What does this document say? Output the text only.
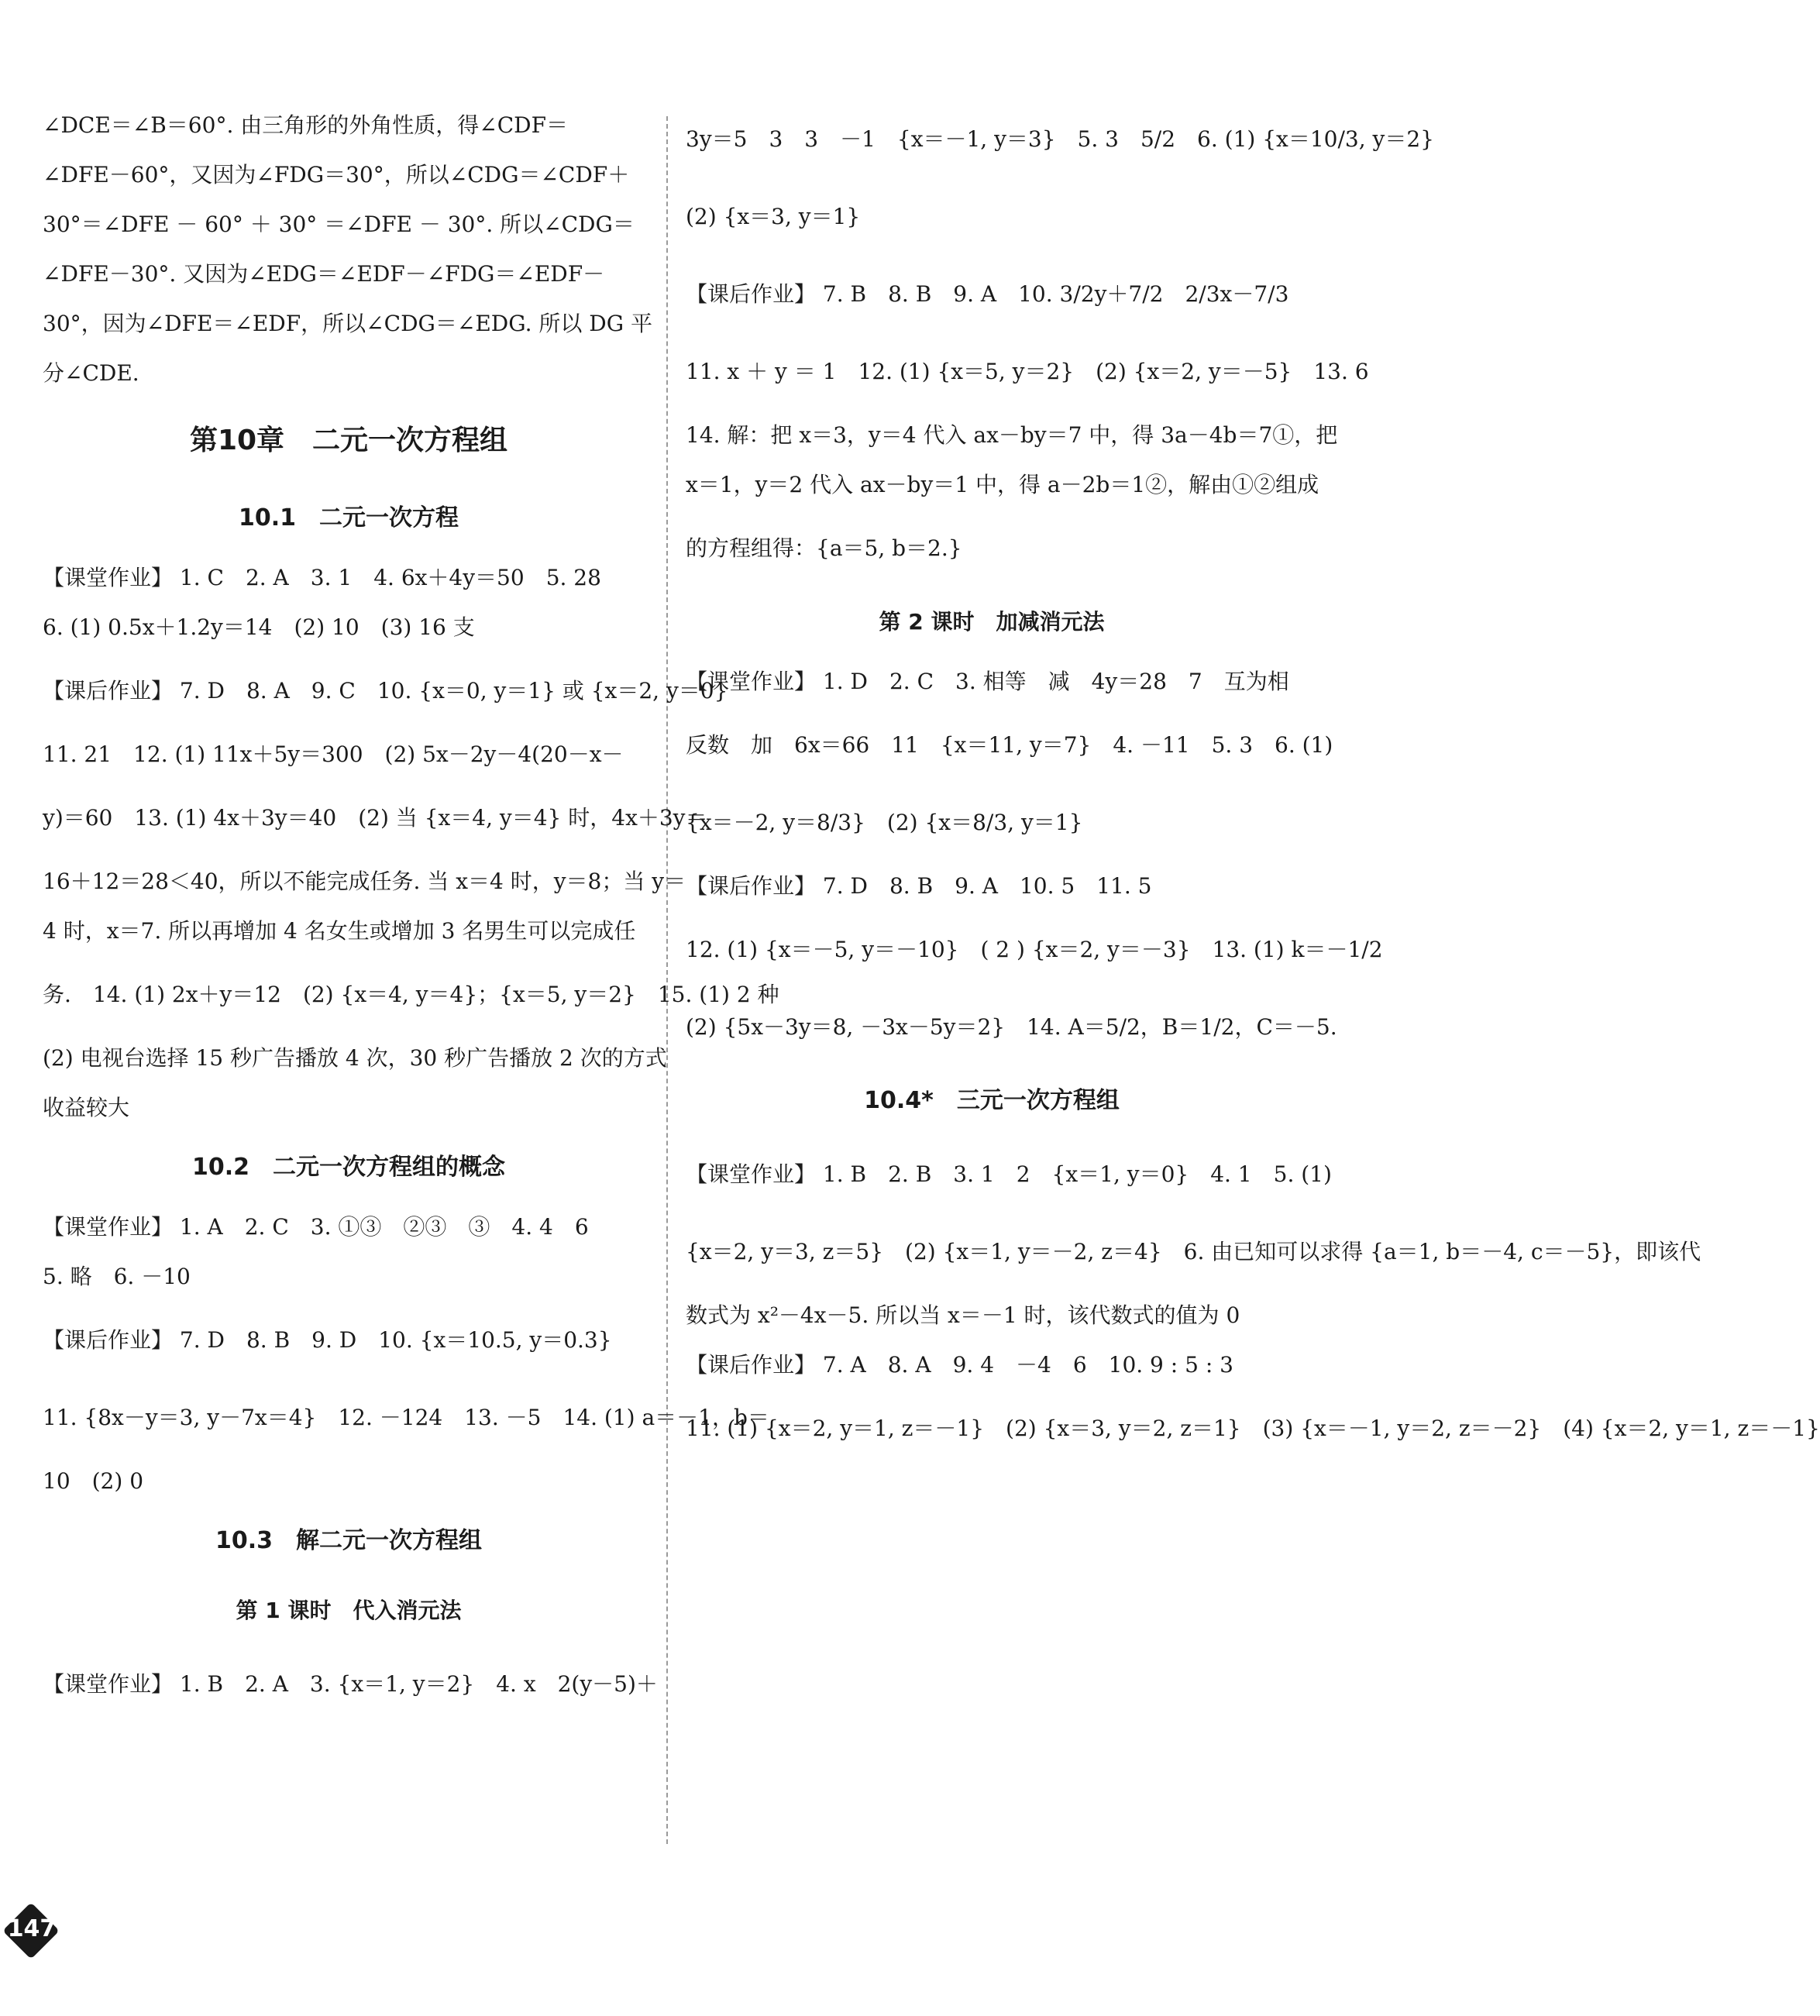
∠DCE＝∠B＝60°. 由三角形的外角性质，得∠CDF＝
∠DFE－60°，又因为∠FDG＝30°，所以∠CDG＝∠CDF＋
30°＝∠DFE － 60° ＋ 30° ＝∠DFE － 30°. 所以∠CDG＝
∠DFE－30°. 又因为∠EDG＝∠EDF－∠FDG＝∠EDF－
30°，因为∠DFE＝∠EDF，所以∠CDG＝∠EDG. 所以 DG 平
分∠CDE.
第10章　二元一次方程组
10.1　二元一次方程
【课堂作业】 1. C　2. A　3. 1　4. 6x＋4y＝50　5. 28
6. (1) 0.5x＋1.2y＝14　(2) 10　(3) 16 支
【课后作业】 7. D　8. A　9. C　10. {x＝0, y＝1} 或 {x＝2, y＝0}
11. 21　12. (1) 11x＋5y＝300　(2) 5x－2y－4(20－x－
y)＝60　13. (1) 4x＋3y＝40　(2) 当 {x＝4, y＝4} 时，4x＋3y＝
16＋12＝28＜40，所以不能完成任务. 当 x＝4 时，y＝8；当 y＝
4 时，x＝7. 所以再增加 4 名女生或增加 3 名男生可以完成任
务.　14. (1) 2x＋y＝12　(2) {x＝4, y＝4}；{x＝5, y＝2}　15. (1) 2 种
(2) 电视台选择 15 秒广告播放 4 次，30 秒广告播放 2 次的方式
收益较大
10.2　二元一次方程组的概念
【课堂作业】 1. A　2. C　3. ①③　②③　③　4. 4　6
5. 略　6. －10
【课后作业】 7. D　8. B　9. D　10. {x＝10.5, y＝0.3}
11. {8x－y＝3, y－7x＝4}　12. －124　13. －5　14. (1) a＝－1，b＝
10　(2) 0
10.3　解二元一次方程组
第 1 课时　代入消元法
【课堂作业】 1. B　2. A　3. {x＝1, y＝2}　4. x　2(y－5)＋
3y＝5　3　3　－1　{x＝－1, y＝3}　5. 3　5/2　6. (1) {x＝10/3, y＝2}
(2) {x＝3, y＝1}
【课后作业】 7. B　8. B　9. A　10. 3/2y＋7/2　2/3x－7/3
11. x ＋ y ＝ 1　12. (1) {x＝5, y＝2}　(2) {x＝2, y＝－5}　13. 6
14. 解：把 x＝3，y＝4 代入 ax－by＝7 中，得 3a－4b＝7①，把
x＝1，y＝2 代入 ax－by＝1 中，得 a－2b＝1②，解由①②组成
的方程组得：{a＝5, b＝2.}
第 2 课时　加减消元法
【课堂作业】 1. D　2. C　3. 相等　减　4y＝28　7　互为相
反数　加　6x＝66　11　{x＝11, y＝7}　4. －11　5. 3　6. (1)
{x＝－2, y＝8/3}　(2) {x＝8/3, y＝1}
【课后作业】 7. D　8. B　9. A　10. 5　11. 5
12. (1) {x＝－5, y＝－10}　( 2 ) {x＝2, y＝－3}　13. (1) k＝－1/2
(2) {5x－3y＝8, －3x－5y＝2}　14. A＝5/2，B＝1/2，C＝－5.
10.4*　三元一次方程组
【课堂作业】 1. B　2. B　3. 1　2　{x＝1, y＝0}　4. 1　5. (1)
{x＝2, y＝3, z＝5}　(2) {x＝1, y＝－2, z＝4}　6. 由已知可以求得 {a＝1, b＝－4, c＝－5}，即该代
数式为 x²－4x－5. 所以当 x＝－1 时，该代数式的值为 0
【课后作业】 7. A　8. A　9. 4　－4　6　10. 9 : 5 : 3
11. (1) {x＝2, y＝1, z＝－1}　(2) {x＝3, y＝2, z＝1}　(3) {x＝－1, y＝2, z＝－2}　(4) {x＝2, y＝1, z＝－1}
147
